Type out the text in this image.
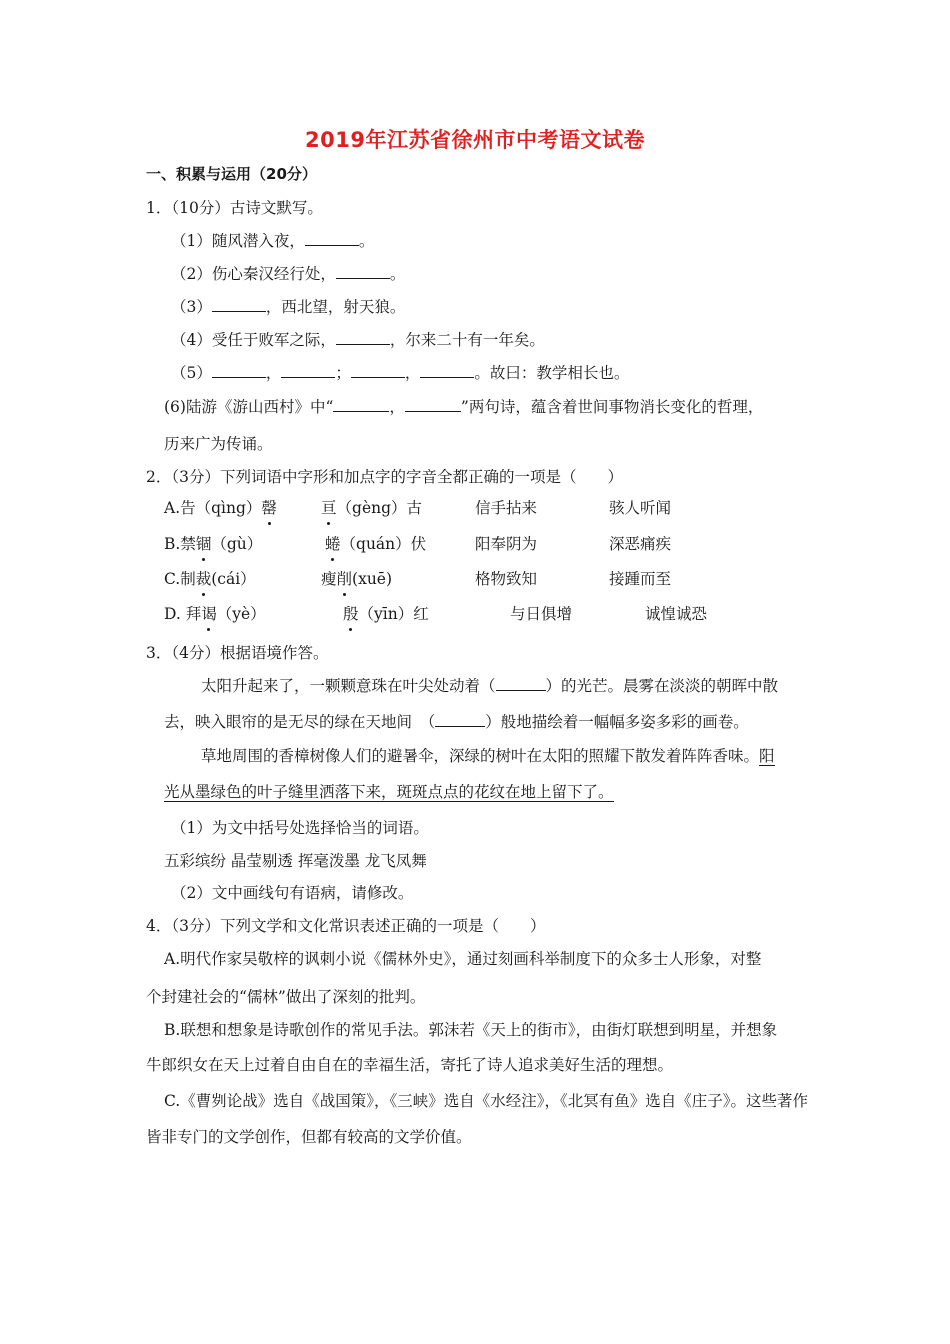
2019年江苏省徐州市中考语文试卷
一、积累与运用（20分）
1．（10分）古诗文默写。
（1）随风潜入夜，	。
（2）伤心秦汉经行处，	。
（3）	，西北望，射天狼。
（4）受任于败军之际，	，尔来二十有一年矣。
（5）	，	；	，	。故曰：教学相长也。
(6)陆游《游山西村》中“	，	”两句诗，蕴含着世间事物消长变化的哲理，
历来广为传诵。
2．（3分）下列词语中字形和加点字的字音全都正确的一项是（　　）
A.告（qìng）罄	亘（gèng）古	信手拈来	骇人听闻
B.禁锢（gù）	蜷（quán）伏	阳奉阴为	深恶痛疾
C.制裁(cái）	瘦削(xuē)	格物致知	接踵而至
D. 拜谒（yè）	殷（yīn）红	与日俱增	诚惶诚恐
3．（4分）根据语境作答。
太阳升起来了，一颗颗意珠在叶尖处动着（	）的光芒。晨雾在淡淡的朝晖中散
去，映入眼帘的是无尽的绿在天地间　（	）般地描绘着一幅幅多姿多彩的画卷。
草地周围的香樟树像人们的避暑伞，深绿的树叶在太阳的照耀下散发着阵阵香味。阳
光从墨绿色的叶子缝里洒落下来，斑斑点点的花纹在地上留下了。
（1）为文中括号处选择恰当的词语。
五彩缤纷 晶莹剔透 挥毫泼墨 龙飞凤舞
（2）文中画线句有语病，请修改。
4．（3分）下列文学和文化常识表述正确的一项是（　　）
A.明代作家吴敬梓的讽刺小说《儒林外史》，通过刻画科举制度下的众多士人形象，对整
个封建社会的“儒林”做出了深刻的批判。
B.联想和想象是诗歌创作的常见手法。郭沫若《天上的街市》，由街灯联想到明星，并想象
牛郎织女在天上过着自由自在的幸福生活，寄托了诗人追求美好生活的理想。
C.《曹刿论战》选自《战国策》，《三峡》选自《水经注》，《北冥有鱼》选自《庄子》。这些著作
皆非专门的文学创作，但都有较高的文学价值。
